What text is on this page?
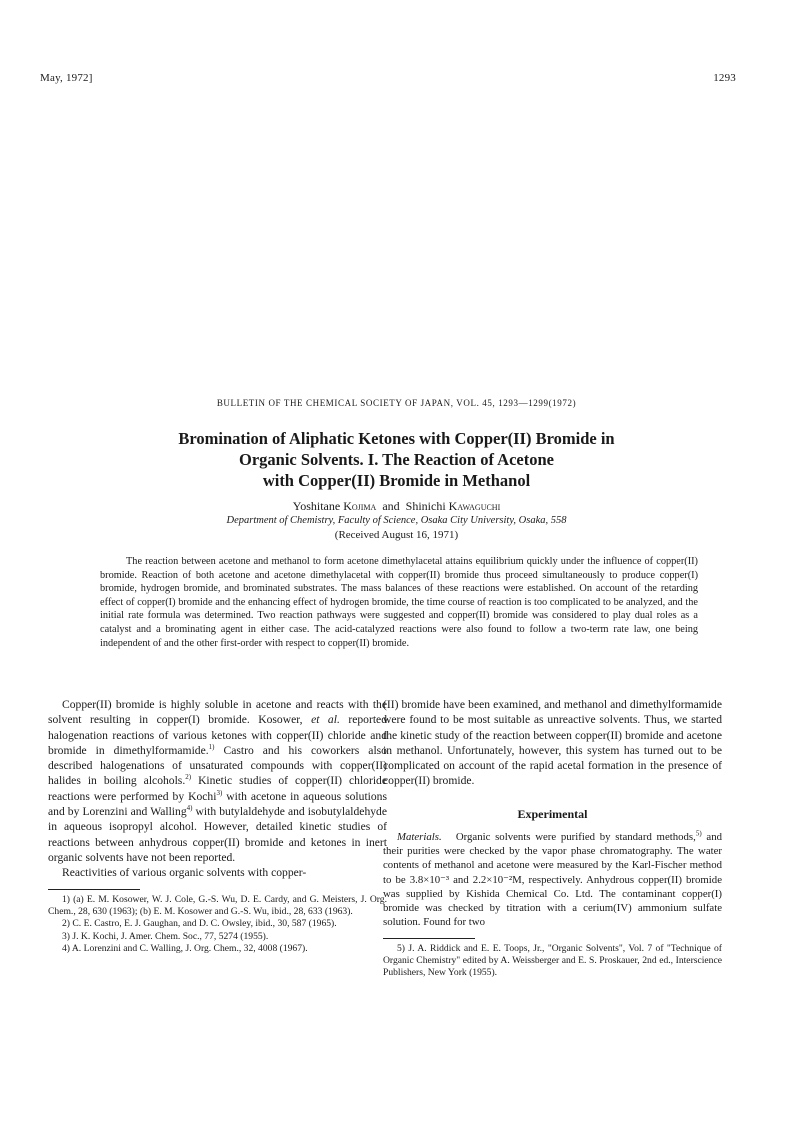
May, 1972]	1293
BULLETIN OF THE CHEMICAL SOCIETY OF JAPAN, VOL. 45, 1293—1299(1972)
Bromination of Aliphatic Ketones with Copper(II) Bromide in
Organic Solvents. I. The Reaction of Acetone
with Copper(II) Bromide in Methanol
Yoshitane Kojima and Shinichi Kawaguchi
Department of Chemistry, Faculty of Science, Osaka City University, Osaka, 558
(Received August 16, 1971)

The reaction between acetone and methanol to form acetone dimethylacetal attains equilibrium quickly under the influence of copper(II) bromide. Reaction of both acetone and acetone dimethylacetal with copper(II) bromide thus proceed simultaneously to produce copper(I) bromide, hydrogen bromide, and brominated substrates. The mass balances of these reactions were established. On account of the retarding effect of copper(I) bromide and the enhancing effect of hydrogen bromide, the time course of reaction is too complicated to be analyzed, and the initial rate formula was determined. Two reaction pathways were suggested and copper(II) bromide was considered to play dual roles as a catalyst and a brominating agent in either case. The acid-catalyzed reactions were also found to follow a two-term rate law, one being independent of and the other first-order with respect to copper(II) bromide.

Copper(II) bromide is highly soluble in acetone and reacts with the solvent resulting in copper(I) bromide. Kosower, et al. reported halogenation reactions of various ketones with copper(II) chloride and bromide in dimethylformamide.$^{1)}$ Castro and his coworkers also described halogenations of unsaturated compounds with copper(II) halides in boiling alcohols.$^{2)}$ Kinetic studies of copper(II) chloride reactions were performed by Kochi$^{3)}$ with acetone in aqueous solutions and by Lorenzini and Walling$^{4)}$ with butylaldehyde and isobutylaldehyde in aqueous isopropyl alcohol. However, detailed kinetic studies of reactions between anhydrous copper(II) bromide and ketones in inert organic solvents have not been reported.

Reactivities of various organic solvents with copper-

1) (a) E. M. Kosower, W. J. Cole, G.-S. Wu, D. E. Cardy, and G. Meisters, J. Org. Chem., 28, 630 (1963); (b) E. M. Kosower and G.-S. Wu, ibid., 28, 633 (1963).

2) C. E. Castro, E. J. Gaughan, and D. C. Owsley, ibid., 30, 587 (1965).

3) J. K. Kochi, J. Amer. Chem. Soc., 77, 5274 (1955).

4) A. Lorenzini and C. Walling, J. Org. Chem., 32, 4008 (1967).

(II) bromide have been examined, and methanol and dimethylformamide were found to be most suitable as unreactive solvents. Thus, we started the kinetic study of the reaction between copper(II) bromide and acetone in methanol. Unfortunately, however, this system has turned out to be complicated on account of the rapid acetal formation in the presence of copper(II) bromide.

Experimental

Materials. Organic solvents were purified by standard methods,$^{5)}$ and their purities were checked by the vapor phase chromatography. The water contents of methanol and acetone were measured by the Karl-Fischer method to be 3.8×10⁻³ and 2.2×10⁻²M, respectively. Anhydrous copper(II) bromide was supplied by Kishida Chemical Co. Ltd. The contaminant copper(I) bromide was checked by titration with a cerium(IV) ammonium sulfate solution. Found for two

5) J. A. Riddick and E. E. Toops, Jr., "Organic Solvents", Vol. 7 of "Technique of Organic Chemistry" edited by A. Weissberger and E. S. Proskauer, 2nd ed., Interscience Publishers, New York (1955).
